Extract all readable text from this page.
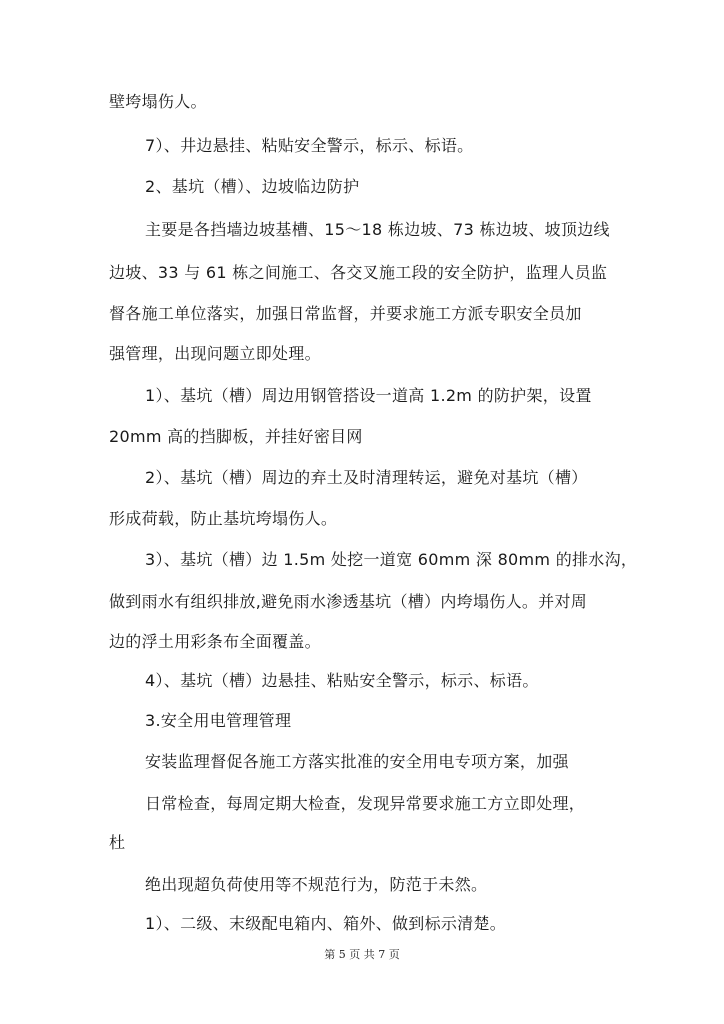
壁垮塌伤人。
7）、井边悬挂、粘贴安全警示，标示、标语。
2、基坑（槽）、边坡临边防护
主要是各挡墙边坡基槽、15～18 栋边坡、73 栋边坡、坡顶边线
边坡、33 与 61 栋之间施工、各交叉施工段的安全防护，监理人员监
督各施工单位落实，加强日常监督，并要求施工方派专职安全员加
强管理，出现问题立即处理。
1）、基坑（槽）周边用钢管搭设一道高 1.2m 的防护架，设置
20mm 高的挡脚板，并挂好密目网
2）、基坑（槽）周边的弃土及时清理转运，避免对基坑（槽）
形成荷载，防止基坑垮塌伤人。
3）、基坑（槽）边 1.5m 处挖一道宽 60mm 深 80mm 的排水沟，
做到雨水有组织排放,避免雨水渗透基坑（槽）内垮塌伤人。并对周
边的浮土用彩条布全面覆盖。
4）、基坑（槽）边悬挂、粘贴安全警示，标示、标语。
3.安全用电管理管理
安装监理督促各施工方落实批准的安全用电专项方案，加强
日常检查，每周定期大检查，发现异常要求施工方立即处理，
杜
绝出现超负荷使用等不规范行为，防范于未然。
1）、二级、末级配电箱内、箱外、做到标示清楚。
第 5 页 共 7 页
